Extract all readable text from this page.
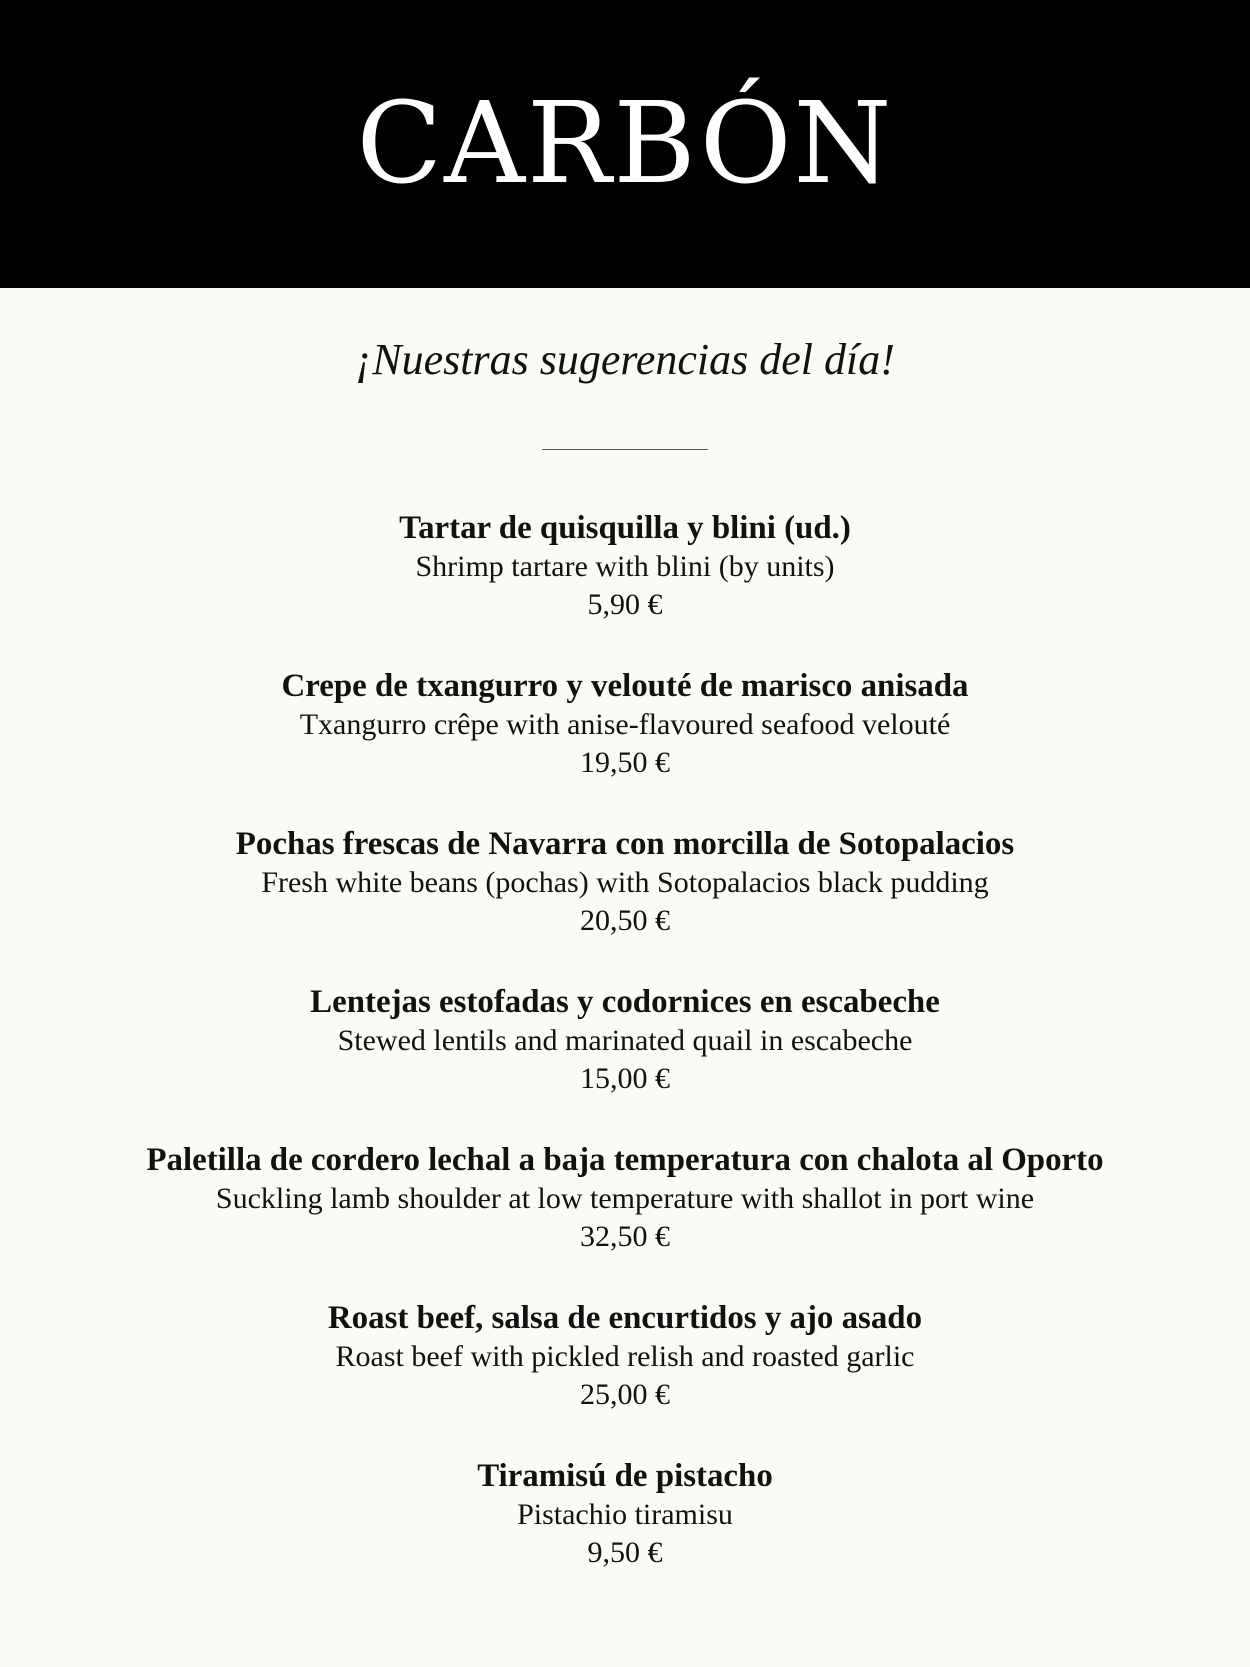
CARBÓN
¡Nuestras sugerencias del día!
Tartar de quisquilla y blini (ud.)
Shrimp tartare with blini (by units)
5,90 €
Crepe de txangurro y velouté de marisco anisada
Txangurro crêpe with anise-flavoured seafood velouté
19,50 €
Pochas frescas de Navarra con morcilla de Sotopalacios
Fresh white beans (pochas) with Sotopalacios black pudding
20,50 €
Lentejas estofadas y codornices en escabeche
Stewed lentils and marinated quail in escabeche
15,00 €
Paletilla de cordero lechal a baja temperatura con chalota al Oporto
Suckling lamb shoulder at low temperature with shallot in port wine
32,50 €
Roast beef, salsa de encurtidos y ajo asado
Roast beef with pickled relish and roasted garlic
25,00 €
Tiramisú de pistacho
Pistachio tiramisu
9,50 €
